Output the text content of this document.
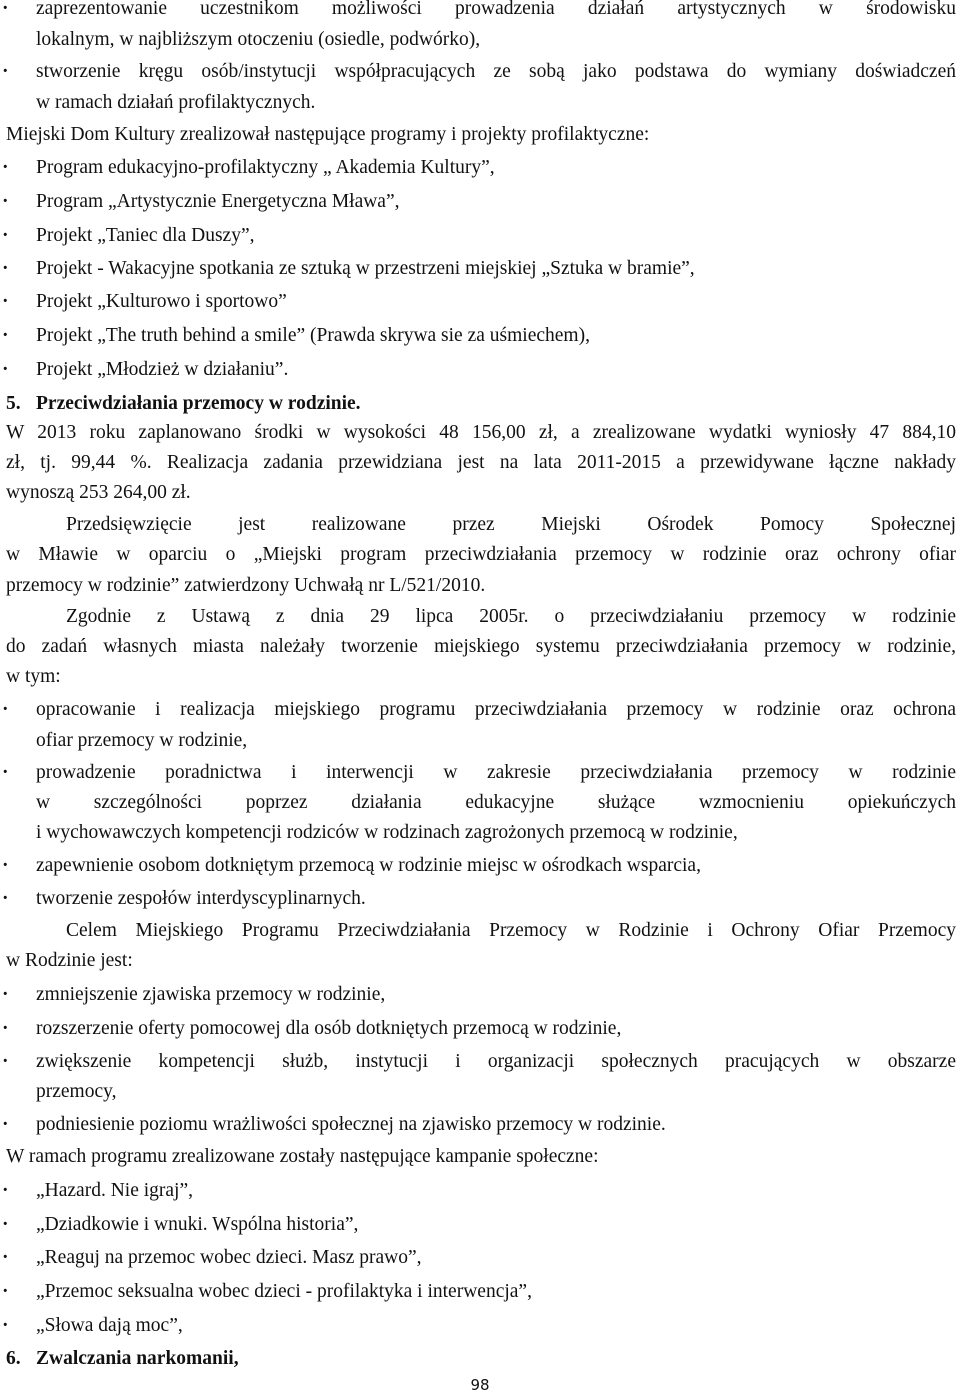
· zaprezentowanie uczestnikom możliwości prowadzenia działań artystycznych w środowisku
lokalnym, w najbliższym otoczeniu (osiedle, podwórko),
· stworzenie kręgu osób/instytucji współpracujących ze sobą jako podstawa do wymiany doświadczeń
w ramach działań profilaktycznych.
Miejski Dom Kultury zrealizował następujące programy i projekty profilaktyczne:
· Program edukacyjno-profilaktyczny „ Akademia Kultury”,
· Program „Artystycznie Energetyczna Mława”,
· Projekt „Taniec dla Duszy”,
· Projekt - Wakacyjne spotkania ze sztuką w przestrzeni miejskiej „Sztuka w bramie”,
· Projekt „Kulturowo i sportowo”
· Projekt „The truth behind a smile” (Prawda skrywa sie za uśmiechem),
· Projekt „Młodzież w działaniu”.
5. Przeciwdziałania przemocy w rodzinie.
W 2013 roku zaplanowano środki w wysokości 48 156,00 zł, a zrealizowane wydatki wyniosły 47 884,10
zł, tj. 99,44 %. Realizacja zadania przewidziana jest na lata 2011-2015 a przewidywane łączne nakłady
wynoszą 253 264,00 zł.
Przedsięwzięcie jest realizowane przez Miejski Ośrodek Pomocy Społecznej
w Mławie w oparciu o „Miejski program przeciwdziałania przemocy w rodzinie oraz ochrony ofiar
przemocy w rodzinie” zatwierdzony Uchwałą nr L/521/2010.
Zgodnie z Ustawą z dnia 29 lipca 2005r. o przeciwdziałaniu przemocy w rodzinie
do zadań własnych miasta należały tworzenie miejskiego systemu przeciwdziałania przemocy w rodzinie,
w tym:
· opracowanie i realizacja miejskiego programu przeciwdziałania przemocy w rodzinie oraz ochrona
ofiar przemocy w rodzinie,
· prowadzenie poradnictwa i interwencji w zakresie przeciwdziałania przemocy w rodzinie
w szczególności poprzez działania edukacyjne służące wzmocnieniu opiekuńczych
i wychowawczych kompetencji rodziców w rodzinach zagrożonych przemocą w rodzinie,
· zapewnienie osobom dotkniętym przemocą w rodzinie miejsc w ośrodkach wsparcia,
· tworzenie zespołów interdyscyplinarnych.
Celem Miejskiego Programu Przeciwdziałania Przemocy w Rodzinie i Ochrony Ofiar Przemocy
w Rodzinie jest:
· zmniejszenie zjawiska przemocy w rodzinie,
· rozszerzenie oferty pomocowej dla osób dotkniętych przemocą w rodzinie,
· zwiększenie kompetencji służb, instytucji i organizacji społecznych pracujących w obszarze
przemocy,
· podniesienie poziomu wrażliwości społecznej na zjawisko przemocy w rodzinie.
W ramach programu zrealizowane zostały następujące kampanie społeczne:
· „Hazard. Nie igraj”,
· „Dziadkowie i wnuki. Wspólna historia”,
· „Reaguj na przemoc wobec dzieci. Masz prawo”,
· „Przemoc seksualna wobec dzieci - profilaktyka i interwencja”,
· „Słowa dają moc”,
6. Zwalczania narkomanii,
98
